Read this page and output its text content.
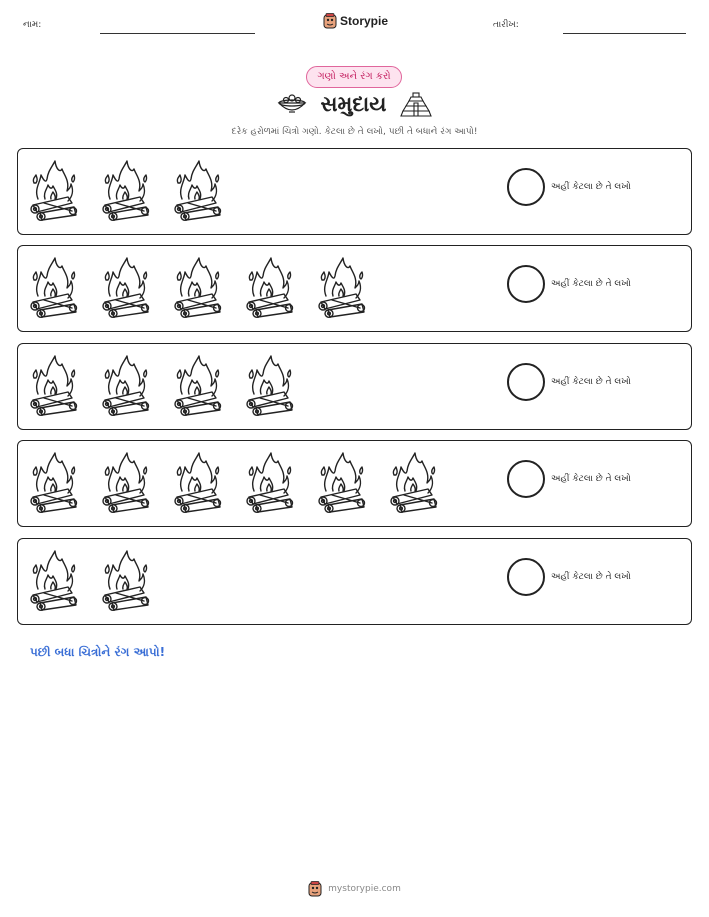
નામ:	Storypie	તારીખ:
ગણો અને રંગ કરો
સમુદાય
દરેક હરોળમાં ચિત્રો ગણો. કેટલા છે તે લખો, પછી તે બધાને રંગ આપો!
અહીં કેટલા છે તે લખો
અહીં કેટલા છે તે લખો
અહીં કેટલા છે તે લખો
અહીં કેટલા છે તે લખો
અહીં કેટલા છે તે લખો
પછી બધા ચિત્રોને રંગ આપો!
mystorypie.com
